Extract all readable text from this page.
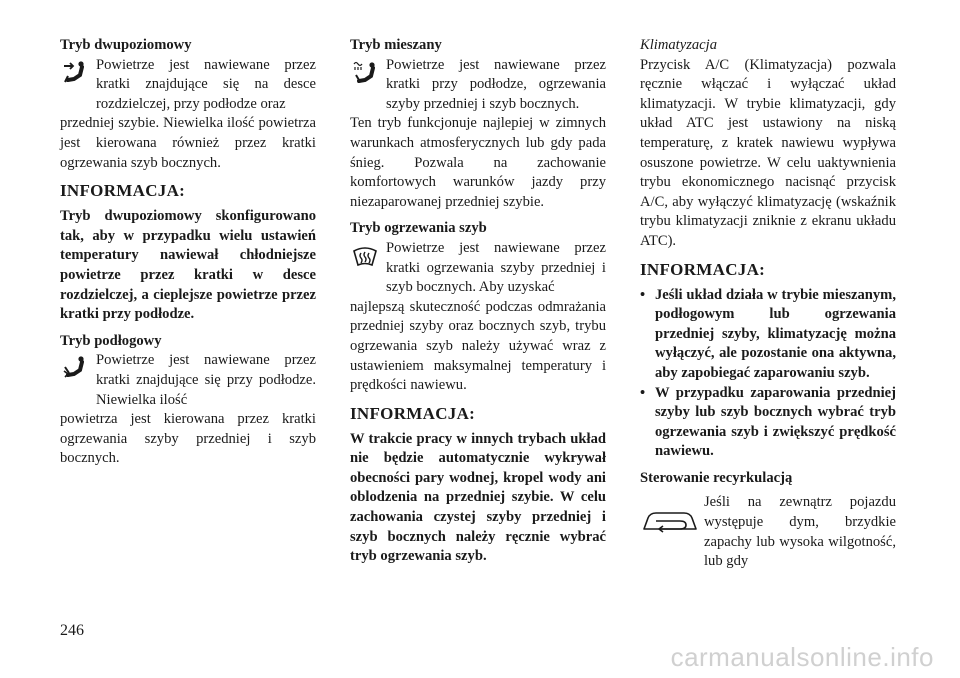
Tryb dwupoziomowy

Powietrze jest nawiewane przez kratki znajdujące się na desce rozdzielczej, przy podłodze oraz

przedniej szybie. Niewielka ilość powietrza jest kierowana również przez kratki ogrzewania szyb bocznych.

INFORMACJA:

Tryb dwupoziomowy skonfigurowano tak, aby w przypadku wielu ustawień temperatury nawiewał chłodniejsze powietrze przez kratki w desce rozdzielczej, a cieplejsze powietrze przez kratki przy podłodze.

Tryb podłogowy

Powietrze jest nawiewane przez kratki znajdujące się przy podłodze. Niewielka ilość

powietrza jest kierowana przez kratki ogrzewania szyby przedniej i szyb bocznych.

Tryb mieszany

Powietrze jest nawiewane przez kratki przy podłodze, ogrzewania szyby przedniej i szyb bocznych.

Ten tryb funkcjonuje najlepiej w zimnych warunkach atmosferycznych lub gdy pada śnieg. Pozwala na zachowanie komfortowych warunków jazdy przy niezaparowanej przedniej szybie.

Tryb ogrzewania szyb

Powietrze jest nawiewane przez kratki ogrzewania szyby przedniej i szyb bocznych. Aby uzyskać

najlepszą skuteczność podczas odmrażania przedniej szyby oraz bocznych szyb, trybu ogrzewania szyb należy używać wraz z ustawieniem maksymalnej temperatury i prędkości nawiewu.

INFORMACJA:

W trakcie pracy w innych trybach układ nie będzie automatycznie wykrywał obecności pary wodnej, kropel wody ani oblodzenia na przedniej szybie. W celu zachowania czystej szyby przedniej i szyb bocznych należy ręcznie wybrać tryb ogrzewania szyb.

Klimatyzacja

Przycisk A/C (Klimatyzacja) pozwala ręcznie włączać i wyłączać układ klimatyzacji. W trybie klimatyzacji, gdy układ ATC jest ustawiony na niską temperaturę, z kratek nawiewu wypływa osuszone powietrze. W celu uaktywnienia trybu ekonomicznego nacisnąć przycisk A/C, aby wyłączyć klimatyzację (wskaźnik trybu klimatyzacji zniknie z ekranu układu ATC).

INFORMACJA:

• Jeśli układ działa w trybie mieszanym, podłogowym lub ogrzewania przedniej szyby, klimatyzację można wyłączyć, ale pozostanie ona aktywna, aby zapobiegać zaparowaniu szyb.
• W przypadku zaparowania przedniej szyby lub szyb bocznych wybrać tryb ogrzewania szyb i zwiększyć prędkość nawiewu.

Sterowanie recyrkulacją

Jeśli na zewnątrz pojazdu występuje dym, brzydkie zapachy lub wysoka wilgotność, lub gdy

246
carmanualsonline.info
